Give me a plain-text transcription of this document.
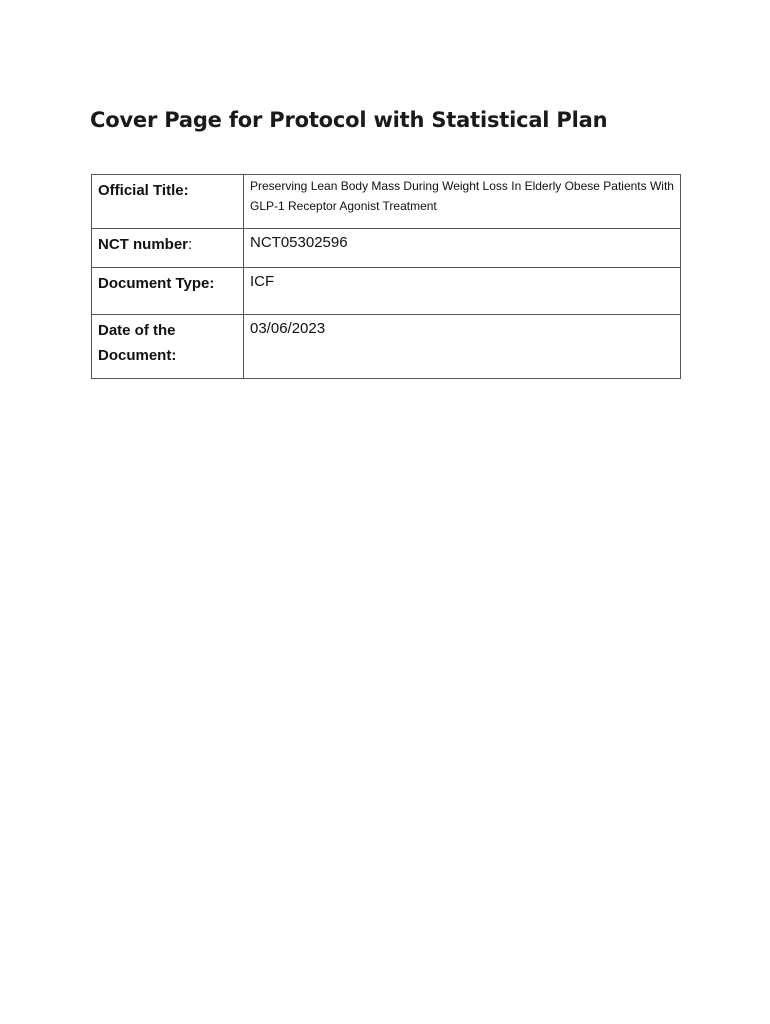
Cover Page for Protocol with Statistical Plan
Official Title:	Preserving Lean Body Mass During Weight Loss In Elderly Obese Patients With GLP-1 Receptor Agonist Treatment

NCT number:	NCT05302596

Document Type:	ICF

Date of the
Document:	03/06/2023
